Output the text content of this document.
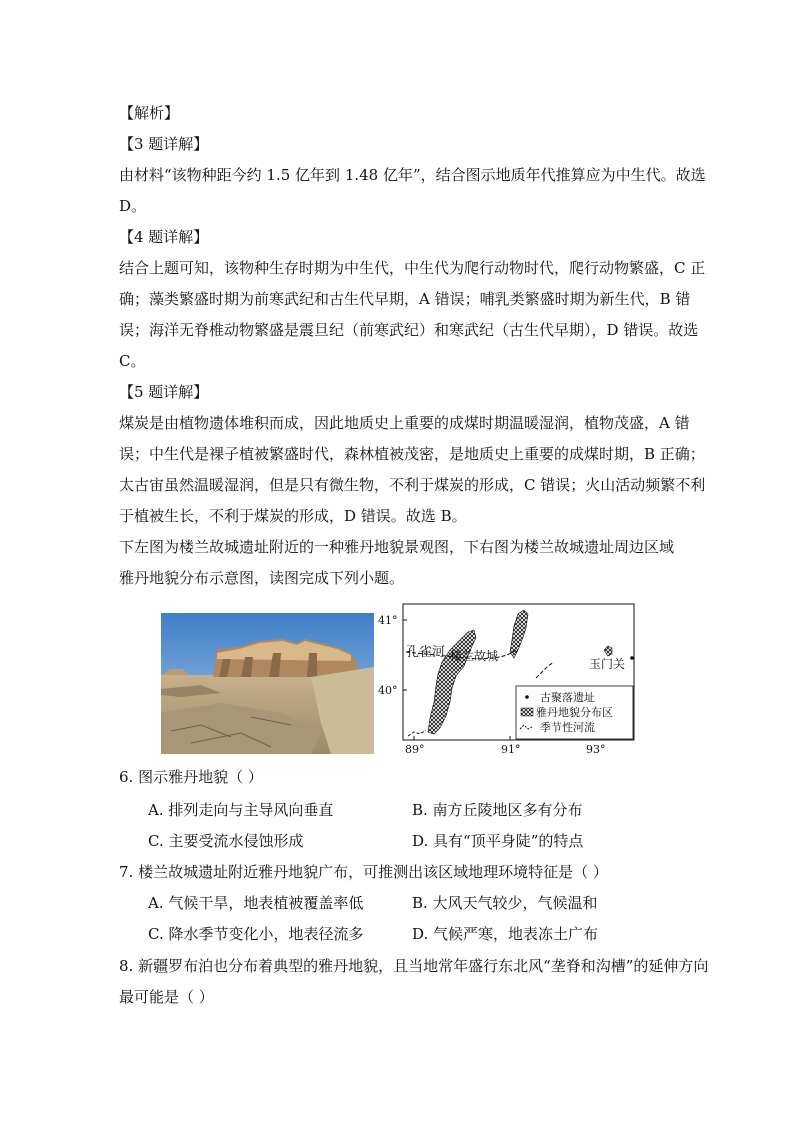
【解析】
【3 题详解】
由材料“该物种距今约 1.5 亿年到 1.48 亿年”，结合图示地质年代推算应为中生代。故选
D。
【4 题详解】
结合上题可知，该物种生存时期为中生代，中生代为爬行动物时代，爬行动物繁盛，C 正
确；藻类繁盛时期为前寒武纪和古生代早期，A 错误；哺乳类繁盛时期为新生代，B 错
误；海洋无脊椎动物繁盛是震旦纪（前寒武纪）和寒武纪（古生代早期），D 错误。故选
C。
【5 题详解】
煤炭是由植物遗体堆积而成，因此地质史上重要的成煤时期温暖湿润，植物茂盛，A 错
误；中生代是裸子植被繁盛时代，森林植被茂密，是地质史上重要的成煤时期，B 正确；
太古宙虽然温暖湿润，但是只有微生物，不利于煤炭的形成，C 错误；火山活动频繁不利
于植被生长，不利于煤炭的形成，D 错误。故选 B。
下左图为楼兰故城遗址附近的一种雅丹地貌景观图，下右图为楼兰故城遗址周边区域
雅丹地貌分布示意图，读图完成下列小题。
41°
40°
89°	91°	93°
孔雀河 楼兰故城
玉门关
古聚落遗址
雅丹地貌分布区
季节性河流
6. 图示雅丹地貌（ ）
A. 排列走向与主导风向垂直	B. 南方丘陵地区多有分布
C. 主要受流水侵蚀形成	D. 具有“顶平身陡”的特点
7. 楼兰故城遗址附近雅丹地貌广布，可推测出该区域地理环境特征是（ ）
A. 气候干旱，地表植被覆盖率低	B. 大风天气较少，气候温和
C. 降水季节变化小，地表径流多	D. 气候严寒，地表冻土广布
8. 新疆罗布泊也分布着典型的雅丹地貌，且当地常年盛行东北风“垄脊和沟槽”的延伸方向
最可能是（ ）
